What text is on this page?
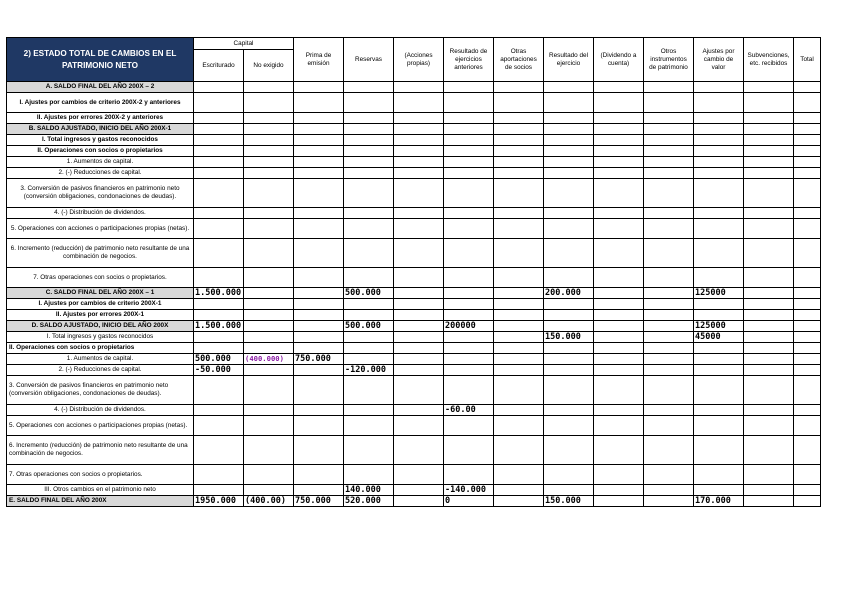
2) ESTADO TOTAL DE CAMBIOS EN EL PATRIMONIO NETO	Capital		Prima de emisión	Reservas	(Acciones propias)	Resultado de ejercicios anteriores	Otras aportaciones de socios	Resultado del ejercicio	(Dividendo a cuenta)	Otros instrumentos de patrimonio	Ajustes por cambio de valor	Subvenciones, etc. recibidos	Total	
	Escriturado	No exigido												
A. SALDO FINAL DEL AÑO 200X – 2														
I. Ajustes por cambios de criterio 200X-2 y anteriores														
II. Ajustes por errores 200X-2 y anteriores														
B. SALDO AJUSTADO, INICIO DEL AÑO 200X-1														
I. Total ingresos y gastos reconocidos														
II. Operaciones con socios o propietarios														
1. Aumentos de capital.														
2. (-) Reducciones de capital.														
3. Conversión de pasivos financieros en patrimonio neto (conversión obligaciones, condonaciones de deudas).														
4. (-) Distribución de dividendos.														
5. Operaciones con acciones o participaciones propias (netas).														
6. Incremento (reducción) de patrimonio neto resultante de una combinación de negocios.														
7. Otras operaciones con socios o propietarios.														
C. SALDO FINAL DEL AÑO 200X – 1	1.500.000			500.000				200.000			125000			
I. Ajustes por cambios de criterio 200X-1														
II. Ajustes por errores 200X-1														
D. SALDO AJUSTADO, INICIO DEL AÑO 200X	1.500.000			500.000		200000					125000			
I. Total ingresos y gastos reconocidos								150.000			45000			
II. Operaciones con socios o propietarios														
1. Aumentos de capital.	500.000	(400.000)	750.000											
2. (-) Reducciones de capital.	-50.000			-120.000										
3. Conversión de pasivos financieros en patrimonio neto (conversión obligaciones, condonaciones de deudas).														
4. (-) Distribución de dividendos.						-60.00								
5. Operaciones con acciones o participaciones propias (netas).														
6. Incremento (reducción) de patrimonio neto resultante de una combinación de negocios.														
7. Otras operaciones con socios o propietarios.														
III. Otros cambios en el patrimonio neto				140.000		-140.000								
E. SALDO FINAL DEL AÑO 200X	1950.000	(400.00)	750.000	520.000		0		150.000			170.000			
